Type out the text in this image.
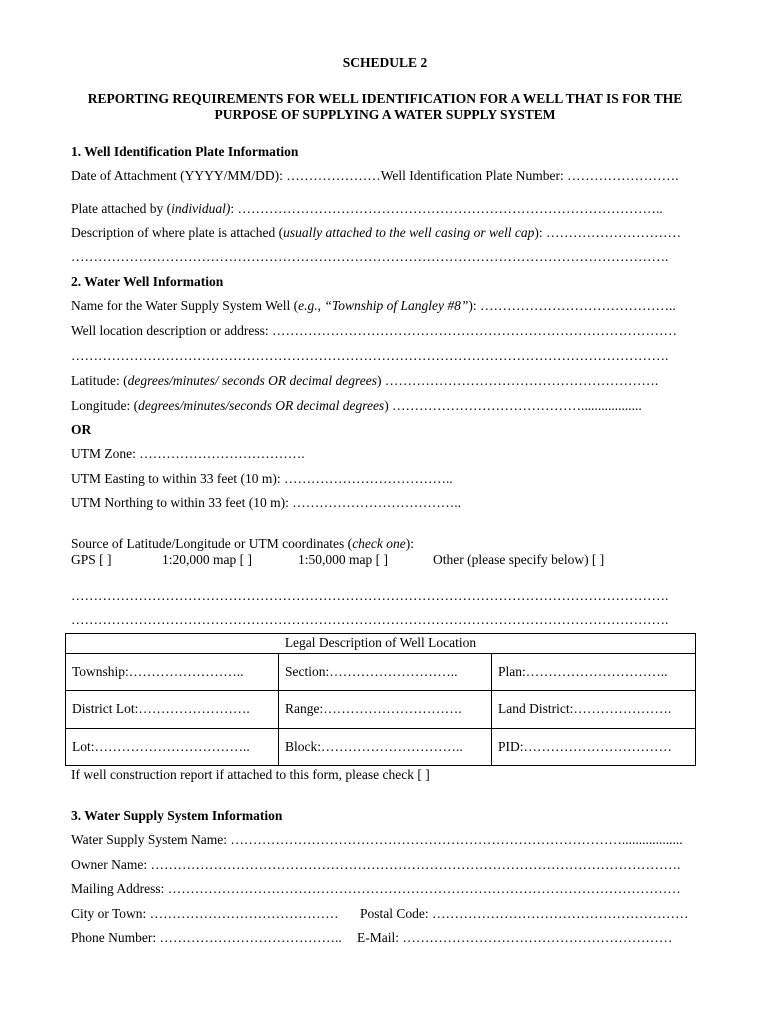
SCHEDULE 2
REPORTING REQUIREMENTS FOR WELL IDENTIFICATION FOR A WELL THAT IS FOR THE
PURPOSE OF SUPPLYING A WATER SUPPLY SYSTEM
1. Well Identification Plate Information
Date of Attachment (YYYY/MM/DD): …………………Well Identification Plate Number: …………………….
Plate attached by (individual): …………………………………………………………………………………..
Description of where plate is attached (usually attached to the well casing or well cap): …………………………
…………………………………………………………………………………………………………………….
2. Water Well Information
Name for the Water Supply System Well (e.g., “Township of Langley #8”): ……………………………………..
Well location description or address: ………………………………………………………………………………
…………………………………………………………………………………………………………………….
Latitude: (degrees/minutes/ seconds OR decimal degrees) …………………………………………………….
Longitude: (degrees/minutes/seconds OR decimal degrees) ……………………………………..................
OR
UTM Zone: ……………………………….
UTM Easting to within 33 feet (10 m): ………………………………..
UTM Northing to within 33 feet (10 m): ………………………………..
Source of Latitude/Longitude or UTM coordinates (check one):
GPS [ ]	1:20,000 map [ ]	1:50,000 map [ ]	Other (please specify below) [ ]
…………………………………………………………………………………………………………………….
…………………………………………………………………………………………………………………….
Legal Description of Well Location		
Township:……………………..	Section:………………………..	Plan:…………………………..
District Lot:…………………….	Range:………………………….	Land District:………………….
Lot:……………………………..	Block:…………………………..	PID:……………………………
If well construction report if attached to this form, please check [ ]
3. Water Supply System Information
Water Supply System Name: ……………………………………………………………………………..................
Owner Name: ……………………………………………………………………………………………………….
Mailing Address: ……………………………………………………………………………………………………
City or Town: …………………………………… Postal Code: …………………………………………………
Phone Number: ………………………………….. E-Mail: ……………………………………………………
